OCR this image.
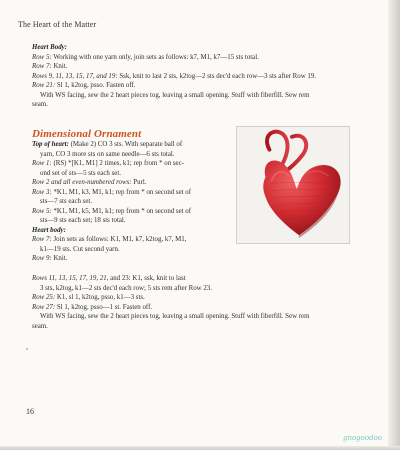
The Heart of the Matter

Heart Body:

Row 5: Working with one yarn only, join sets as follows: k7, M1, k7—15 sts total.

Row 7: Knit.

Rows 9, 11, 13, 15, 17, and 19: Ssk, knit to last 2 sts, k2tog—2 sts dec'd each row—3 sts after Row 19.

Row 21: Sl 1, k2tog, psso. Fasten off.

With WS facing, sew the 2 heart pieces tog, leaving a small opening. Stuff with fiberfill. Sew rem

seam.

Dimensional Ornament

Top of heart: (Make 2) CO 3 sts. With separate ball of

yarn, CO 3 more sts on same needle—6 sts total.

Row 1: (RS) *[K1, M1] 2 times, k1; rep from * on sec-

ond set of sts—5 sts each set.

Row 2 and all even-numbered rows: Purl.

Row 3: *K1, M1, k3, M1, k1; rep from * on second set of

sts—7 sts each set.

Row 5: *K1, M1, k5, M1, k1; rep from * on second set of

sts—9 sts each set; 18 sts total.

Heart body:

Row 7: Join sets as follows: K1, M1, k7, k2tog, k7, M1,

k1—19 sts. Cut second yarn.

Row 9: Knit.

Rows 11, 13, 15, 17, 19, 21, and 23: K1, ssk, knit to last

3 sts, k2tog, k1—2 sts dec'd each row; 5 sts rem after Row 23.

Row 25: K1, sl 1, k2tog, psso, k1—3 sts.

Row 27: Sl 1, k2tog, psso—1 st. Fasten off.

With WS facing, sew the 2 heart pieces tog, leaving a small opening. Stuff with fiberfill. Sew rem

seam.

16
gnogoodoo
